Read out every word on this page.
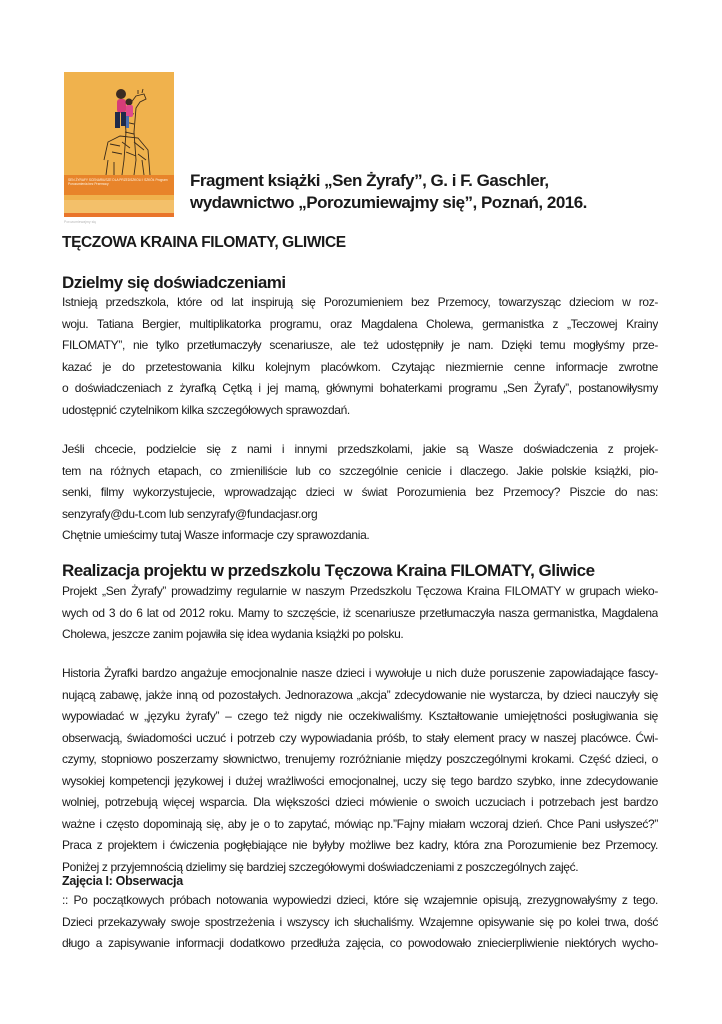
SEN ŻYRAFY SCENARIUSZE DLA PRZEDSZKOLI I SZKÓŁ Program Porozumienia bez Przemocy
Porozumiewajmy się
Fragment książki „Sen Żyrafy”, G. i F. Gaschler,
wydawnictwo „Porozumiewajmy się”, Poznań, 2016.
TĘCZOWA KRAINA FILOMATY, GLIWICE
Dzielmy się doświadczeniami
Istnieją przedszkola, które od lat inspirują się Porozumieniem bez Przemocy, towarzysząc dzieciom w roz-
woju. Tatiana Bergier, multiplikatorka programu, oraz Magdalena Cholewa, germanistka z „Teczowej Krainy
FILOMATY”, nie tylko przetłumaczyły scenariusze, ale też udostępniły je nam. Dzięki temu mogłyśmy prze-
kazać je do przetestowania kilku kolejnym placówkom. Czytając niezmiernie cenne informacje zwrotne
o doświadczeniach z żyrafką Cętką i jej mamą, głównymi bohaterkami programu „Sen Żyrafy”, postanowiłysmy
udostępnić czytelnikom kilka szczegółowych sprawozdań.
Jeśli chcecie, podzielcie się z nami i innymi przedszkolami, jakie są Wasze doświadczenia z projek-
tem na różnych etapach, co zmieniliście lub co szczególnie cenicie i dlaczego. Jakie polskie książki, pio-
senki, filmy wykorzystujecie, wprowadzając dzieci w świat Porozumienia bez Przemocy? Piszcie do nas:
senzyrafy@du-t.com lub senzyrafy@fundacjasr.org
Chętnie umieścimy tutaj Wasze informacje czy sprawozdania.
Realizacja projektu w przedszkolu Tęczowa Kraina FILOMATY, Gliwice
Projekt „Sen Żyrafy” prowadzimy regularnie w naszym Przedszkolu Tęczowa Kraina FILOMATY w grupach wieko-
wych od 3 do 6 lat od 2012 roku. Mamy to szczęście, iż scenariusze przetłumaczyła nasza germanistka, Magdalena
Cholewa, jeszcze zanim pojawiła się idea wydania książki po polsku.
Historia Żyrafki bardzo angażuje emocjonalnie nasze dzieci i wywołuje u nich duże poruszenie zapowiadające fascy-
nującą zabawę, jakże inną od pozostałych. Jednorazowa „akcja” zdecydowanie nie wystarcza, by dzieci nauczyły się
wypowiadać w „języku żyrafy” – czego też nigdy nie oczekiwaliśmy. Kształtowanie umiejętności posługiwania się
obserwacją, świadomości uczuć i potrzeb czy wypowiadania próśb, to stały element pracy w naszej placówce. Ćwi-
czymy, stopniowo poszerzamy słownictwo, trenujemy rozróżnianie między poszczególnymi krokami. Część dzieci, o
wysokiej kompetencji językowej i dużej wrażliwości emocjonalnej, uczy się tego bardzo szybko, inne zdecydowanie
wolniej, potrzebują więcej wsparcia. Dla większości dzieci mówienie o swoich uczuciach i potrzebach jest bardzo
ważne i często dopominają się, aby je o to zapytać, mówiąc np.”Fajny miałam wczoraj dzień. Chce Pani usłyszeć?”
Praca z projektem i ćwiczenia pogłębiające nie byłyby możliwe bez kadry, która zna Porozumienie bez Przemocy.
Poniżej z przyjemnością dzielimy się bardziej szczegółowymi doświadczeniami z poszczególnych zajęć.
Zajęcia I: Obserwacja
:: Po początkowych próbach notowania wypowiedzi dzieci, które się wzajemnie opisują, zrezygnowałyśmy z tego.
Dzieci przekazywały swoje spostrzeżenia i wszyscy ich słuchaliśmy. Wzajemne opisywanie się po kolei trwa, dość
długo a zapisywanie informacji dodatkowo przedłuża zajęcia, co powodowało zniecierpliwienie niektórych wycho-
